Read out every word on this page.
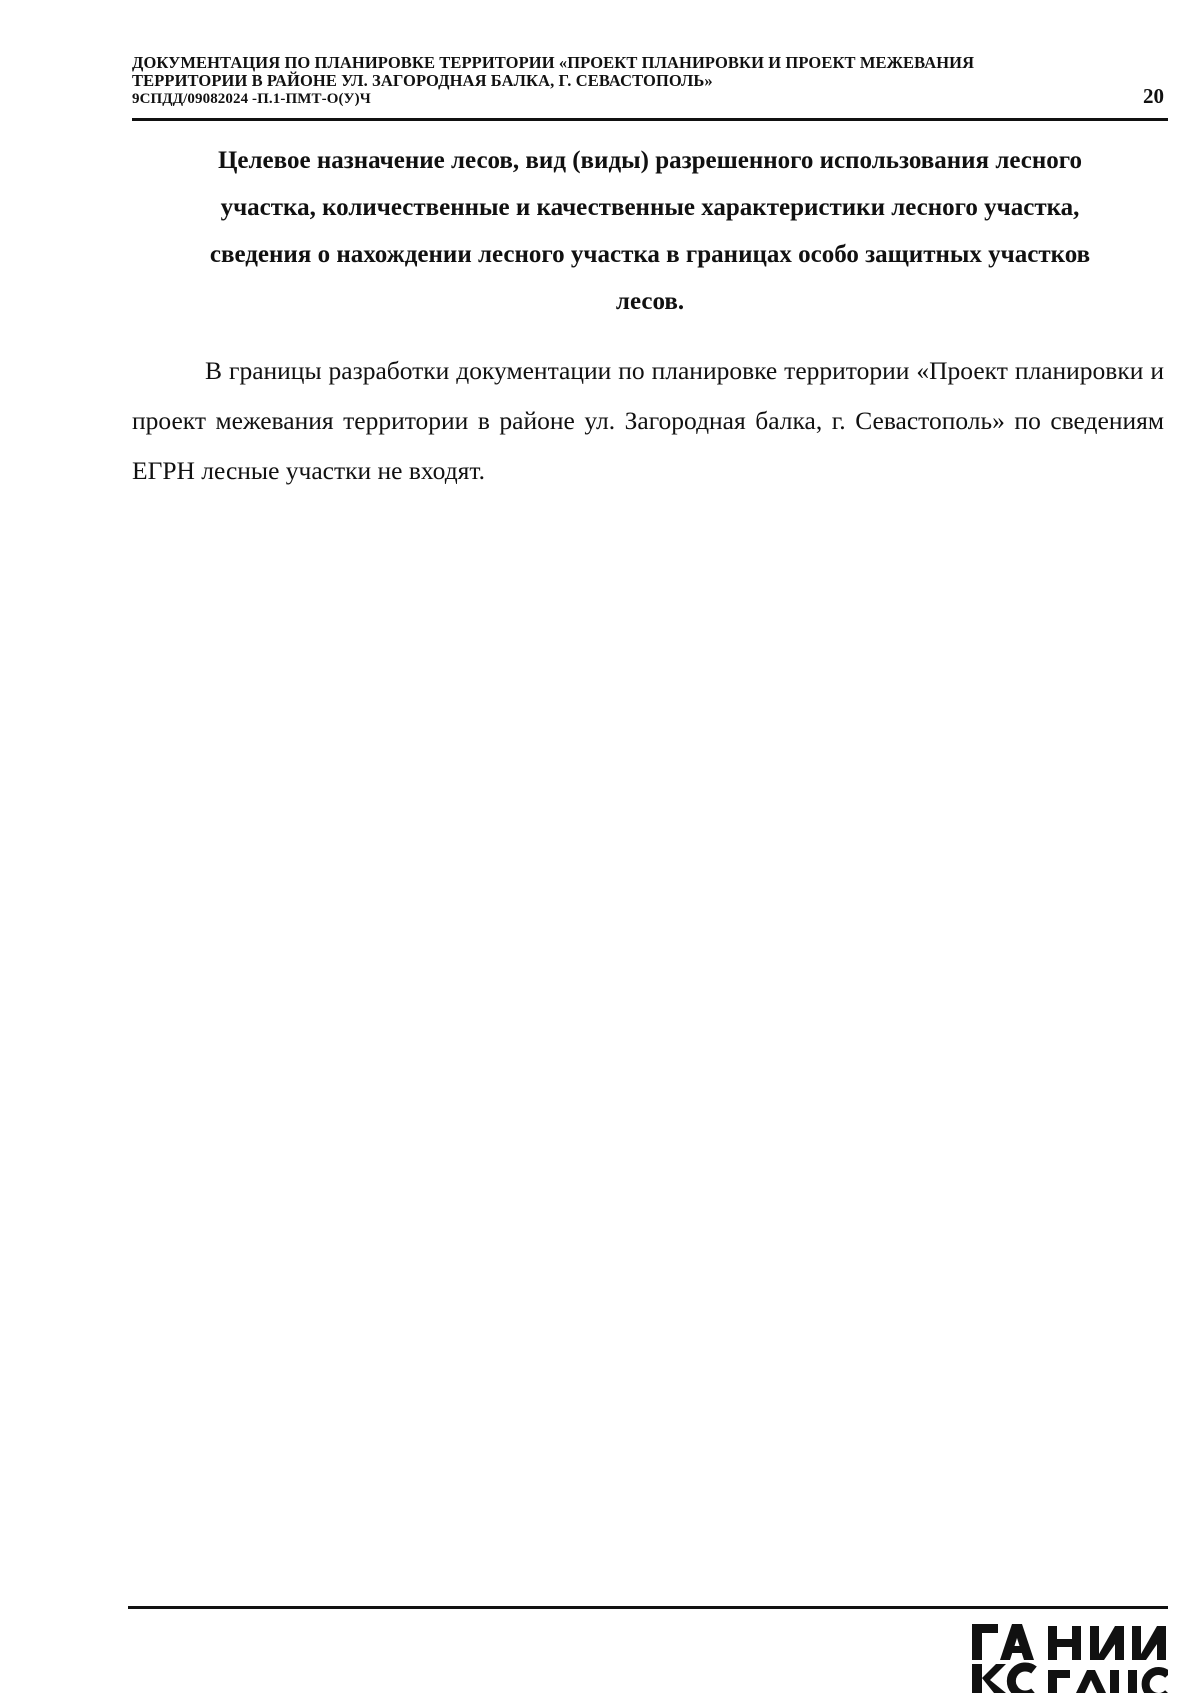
ДОКУМЕНТАЦИЯ ПО ПЛАНИРОВКЕ ТЕРРИТОРИИ «ПРОЕКТ ПЛАНИРОВКИ И ПРОЕКТ МЕЖЕВАНИЯ
ТЕРРИТОРИИ В РАЙОНЕ УЛ. ЗАГОРОДНАЯ БАЛКА, Г. СЕВАСТОПОЛЬ»
9СПДД/09082024 -П.1-ПМТ-О(У)Ч	20
Целевое назначение лесов, вид (виды) разрешенного использования лесного
участка, количественные и качественные характеристики лесного участка,
сведения о нахождении лесного участка в границах особо защитных участков
лесов.

В границы разработки документации по планировке территории «Проект планировки и проект межевания территории в районе ул. Загородная балка, г. Севастополь» по сведениям ЕГРН лесные участки не входят.
